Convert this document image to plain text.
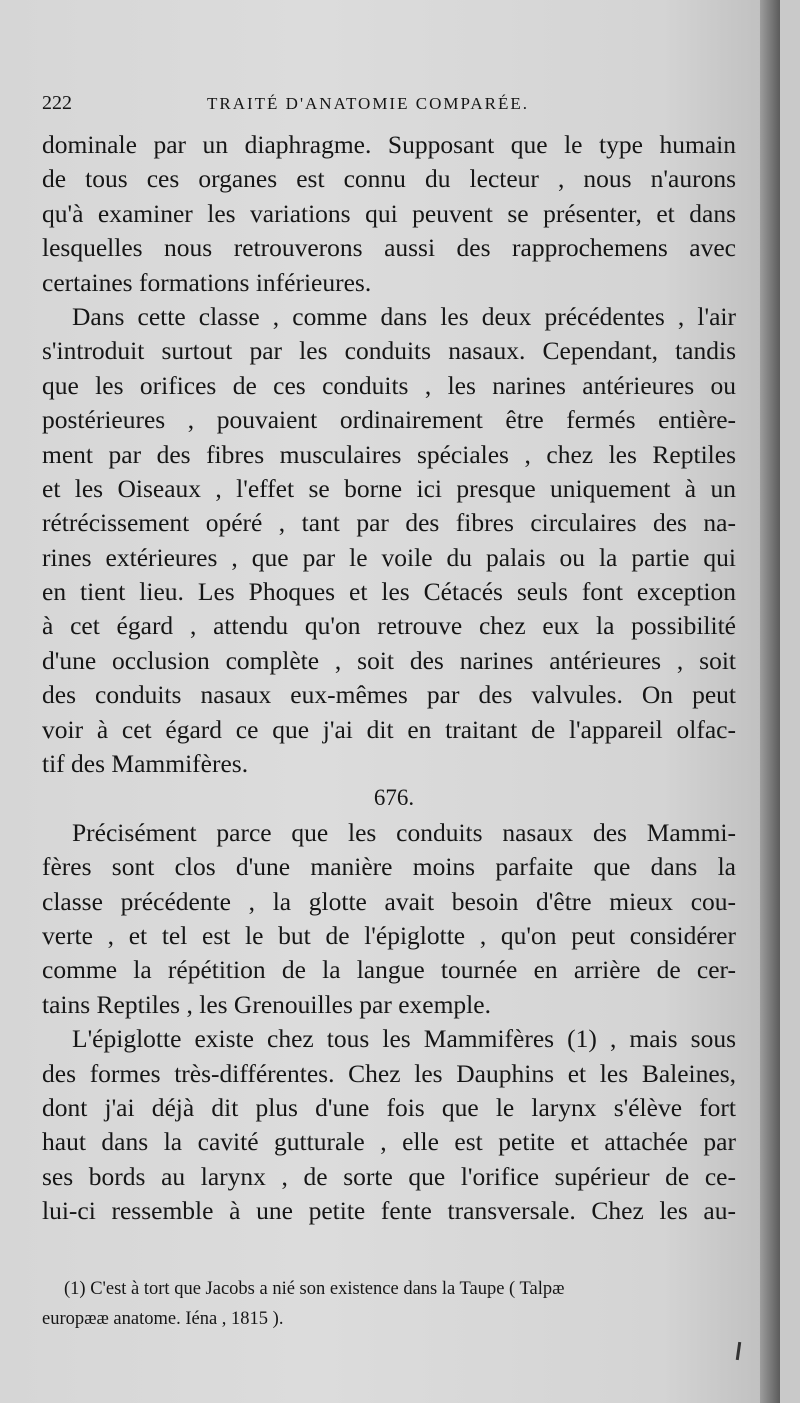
222	TRAITÉ D'ANATOMIE COMPARÉE.
dominale par un diaphragme. Supposant que le type humain
de tous ces organes est connu du lecteur , nous n'aurons
qu'à examiner les variations qui peuvent se présenter, et dans
lesquelles nous retrouverons aussi des rapprochemens avec
certaines formations inférieures.
Dans cette classe , comme dans les deux précédentes , l'air
s'introduit surtout par les conduits nasaux. Cependant, tandis
que les orifices de ces conduits , les narines antérieures ou
postérieures , pouvaient ordinairement être fermés entière-
ment par des fibres musculaires spéciales , chez les Reptiles
et les Oiseaux , l'effet se borne ici presque uniquement à un
rétrécissement opéré , tant par des fibres circulaires des na-
rines extérieures , que par le voile du palais ou la partie qui
en tient lieu. Les Phoques et les Cétacés seuls font exception
à cet égard , attendu qu'on retrouve chez eux la possibilité
d'une occlusion complète , soit des narines antérieures , soit
des conduits nasaux eux-mêmes par des valvules. On peut
voir à cet égard ce que j'ai dit en traitant de l'appareil olfac-
tif des Mammifères.
676.
Précisément parce que les conduits nasaux des Mammi-
fères sont clos d'une manière moins parfaite que dans la
classe précédente , la glotte avait besoin d'être mieux cou-
verte , et tel est le but de l'épiglotte , qu'on peut considérer
comme la répétition de la langue tournée en arrière de cer-
tains Reptiles , les Grenouilles par exemple.
L'épiglotte existe chez tous les Mammifères (1) , mais sous
des formes très-différentes. Chez les Dauphins et les Baleines,
dont j'ai déjà dit plus d'une fois que le larynx s'élève fort
haut dans la cavité gutturale , elle est petite et attachée par
ses bords au larynx , de sorte que l'orifice supérieur de ce-
lui-ci ressemble à une petite fente transversale. Chez les au-
(1) C'est à tort que Jacobs a nié son existence dans la Taupe ( Talpæ
europææ anatome. Iéna , 1815 ).
